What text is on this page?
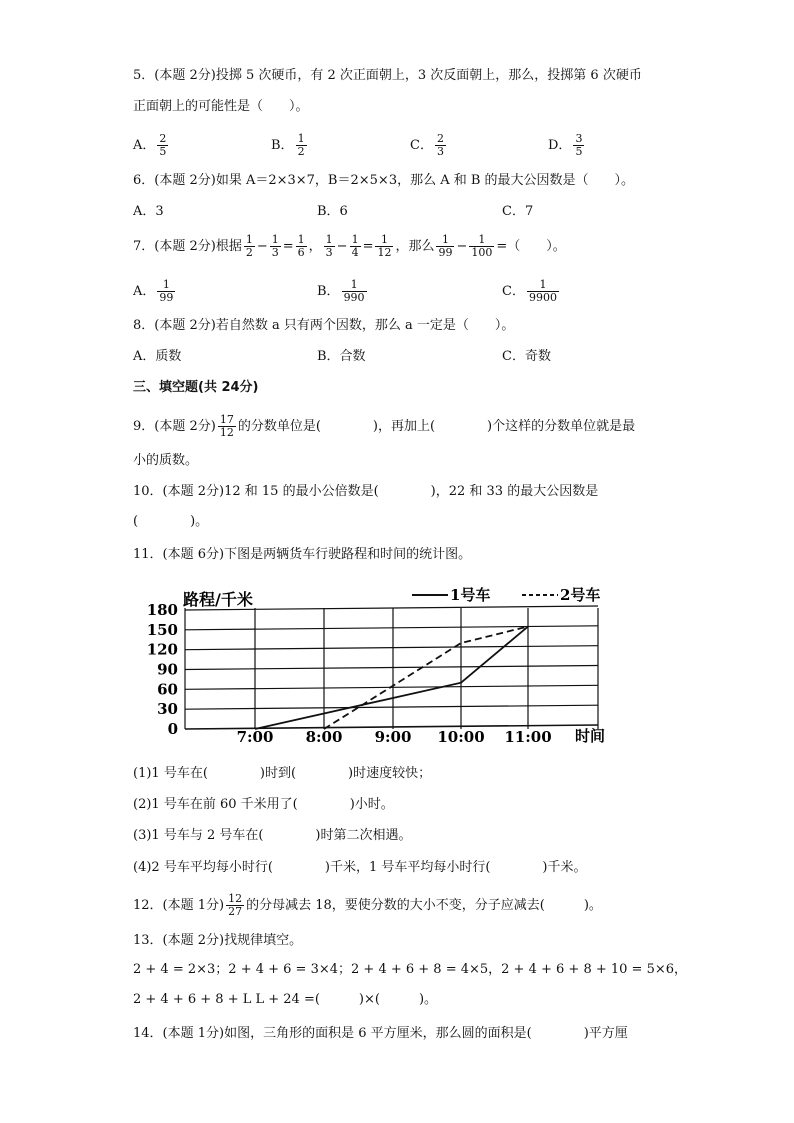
5．(本题 2分)投掷 5 次硬币，有 2 次正面朝上，3 次反面朝上，那么，投掷第 6 次硬币
正面朝上的可能性是（　　）。
A． $\frac{2}{5}$	B． $\frac{1}{2}$	C． $\frac{2}{3}$	D． $\frac{3}{5}$
6．(本题 2分)如果 A＝2×3×7，B＝2×5×3，那么 A 和 B 的最大公因数是（　　）。
A．3	B．6	C．7
7．(本题 2分)根据 $\frac{1}{2} - \frac{1}{3} = \frac{1}{6}$ ， $\frac{1}{3} - \frac{1}{4} = \frac{1}{12}$ ，那么 $\frac{1}{99} - \frac{1}{100}$ =（　　）。
A． $\frac{1}{99}$	B． $\frac{1}{990}$	C． $\frac{1}{9900}$
8．(本题 2分)若自然数 a 只有两个因数，那么 a 一定是（　　）。
A．质数	B．合数	C．奇数
三、填空题(共 24分)
9．(本题 2分) $\frac{17}{12}$ 的分数单位是(　　　　)，再加上(　　　　)个这样的分数单位就是最
小的质数。
10．(本题 2分)12 和 15 的最小公倍数是(　　　　)，22 和 33 的最大公因数是
(　　　　)。
11．(本题 6分)下图是两辆货车行驶路程和时间的统计图。
180
150
120
90
60
30
0	7:00 8:00 9:00 10:00 11:00
路程/千米
时间
1号车	2号车
(1)1 号车在(　　　　)时到(　　　　)时速度较快；
(2)1 号车在前 60 千米用了(　　　　)小时。
(3)1 号车与 2 号车在(　　　　)时第二次相遇。
(4)2 号车平均每小时行(　　　　)千米，1 号车平均每小时行(　　　　)千米。
12．(本题 1分) $\frac{12}{27}$ 的分母减去 18，要使分数的大小不变，分子应减去(　　　)。
13．(本题 2分)找规律填空。
2 + 4 = 2×3；2 + 4 + 6 = 3×4；2 + 4 + 6 + 8 = 4×5，2 + 4 + 6 + 8 + 10 = 5×6，
2 + 4 + 6 + 8 + L L + 24 =(　　　)×(　　　)。
14．(本题 1分)如图，三角形的面积是 6 平方厘米，那么圆的面积是(　　　　)平方厘
